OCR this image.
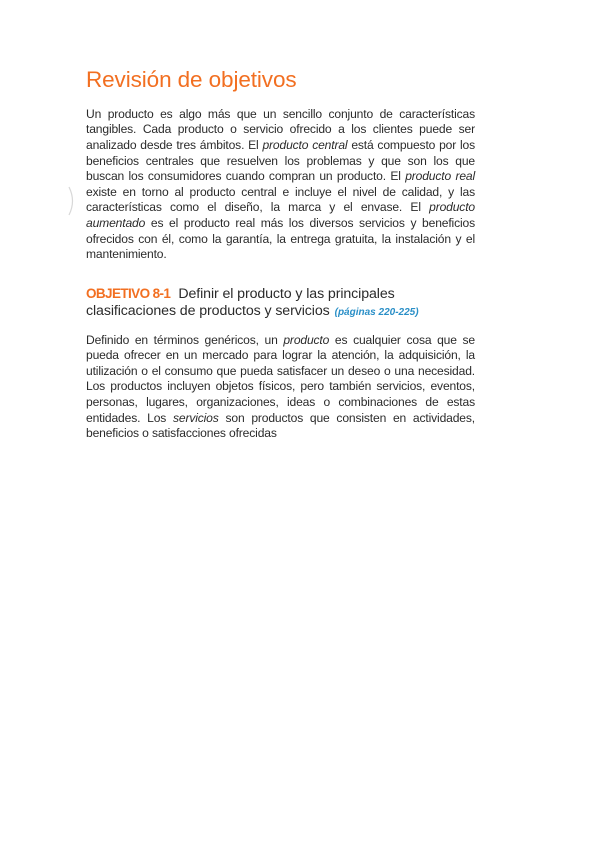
Revisión de objetivos

Un producto es algo más que un sencillo conjunto de características tangibles. Cada producto o servicio ofrecido a los clientes puede ser analizado desde tres ámbitos. El producto central está compuesto por los beneficios centrales que resuelven los problemas y que son los que buscan los consumidores cuando compran un producto. El producto real existe en torno al producto central e incluye el nivel de calidad, y las características como el diseño, la marca y el envase. El producto aumentado es el producto real más los diversos servicios y beneficios ofrecidos con él, como la garantía, la entrega gratuita, la instalación y el mantenimiento.

OBJETIVO 8-1 Definir el producto y las principales clasificaciones de productos y servicios (páginas 220-225)

Definido en términos genéricos, un producto es cualquier cosa que se pueda ofrecer en un mercado para lograr la atención, la adquisición, la utilización o el consumo que pueda satisfacer un deseo o una necesidad. Los productos incluyen objetos físicos, pero también servicios, eventos, personas, lugares, organizaciones, ideas o combinaciones de estas entidades. Los servicios son productos que consisten en actividades, beneficios o satisfacciones ofrecidas
